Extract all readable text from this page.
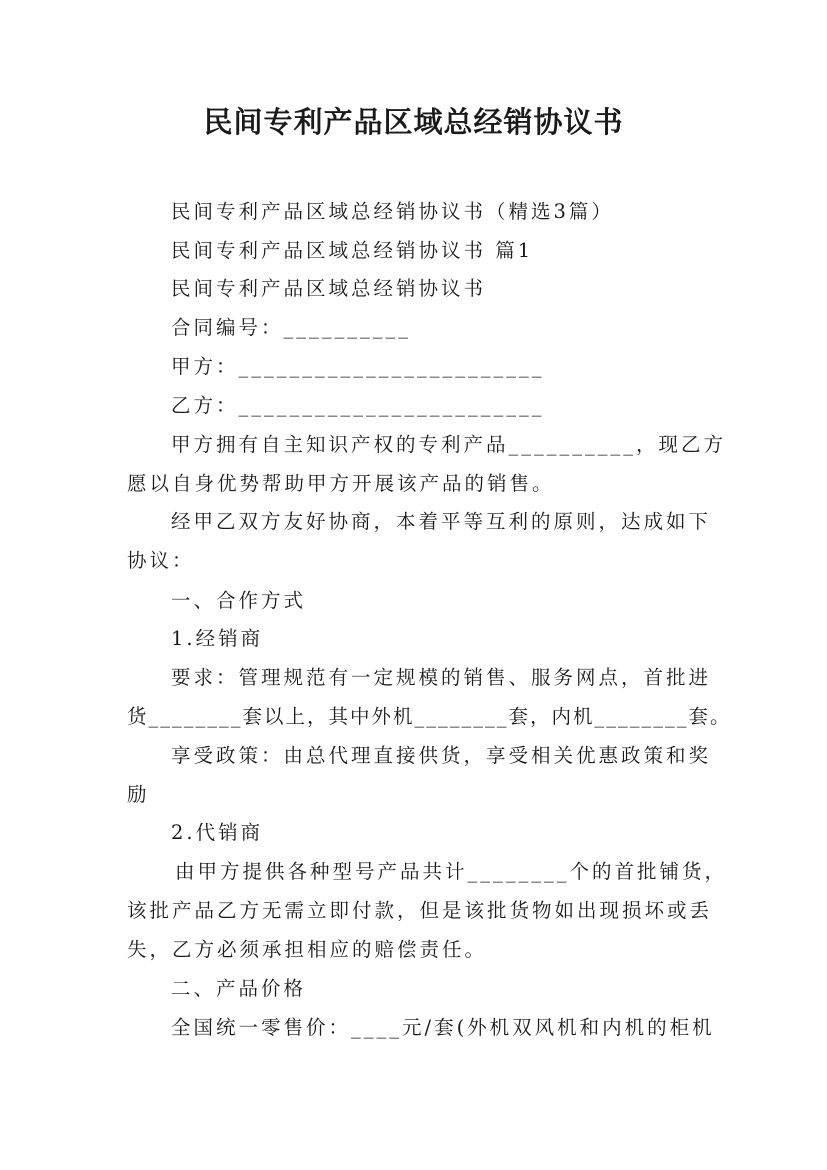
民间专利产品区域总经销协议书
民间专利产品区域总经销协议书（精选3篇）
民间专利产品区域总经销协议书 篇1
民间专利产品区域总经销协议书
合同编号：__________
甲方：________________________
乙方：________________________
甲方拥有自主知识产权的专利产品__________，现乙方
愿以自身优势帮助甲方开展该产品的销售。
经甲乙双方友好协商，本着平等互利的原则，达成如下
协议：
一、合作方式
1.经销商
要求：管理规范有一定规模的销售、服务网点，首批进
货________套以上，其中外机________套，内机________套。
享受政策：由总代理直接供货，享受相关优惠政策和奖
励
2.代销商
由甲方提供各种型号产品共计________个的首批铺货，
该批产品乙方无需立即付款，但是该批货物如出现损坏或丢
失，乙方必须承担相应的赔偿责任。
二、产品价格
全国统一零售价：____元/套(外机双风机和内机的柜机
